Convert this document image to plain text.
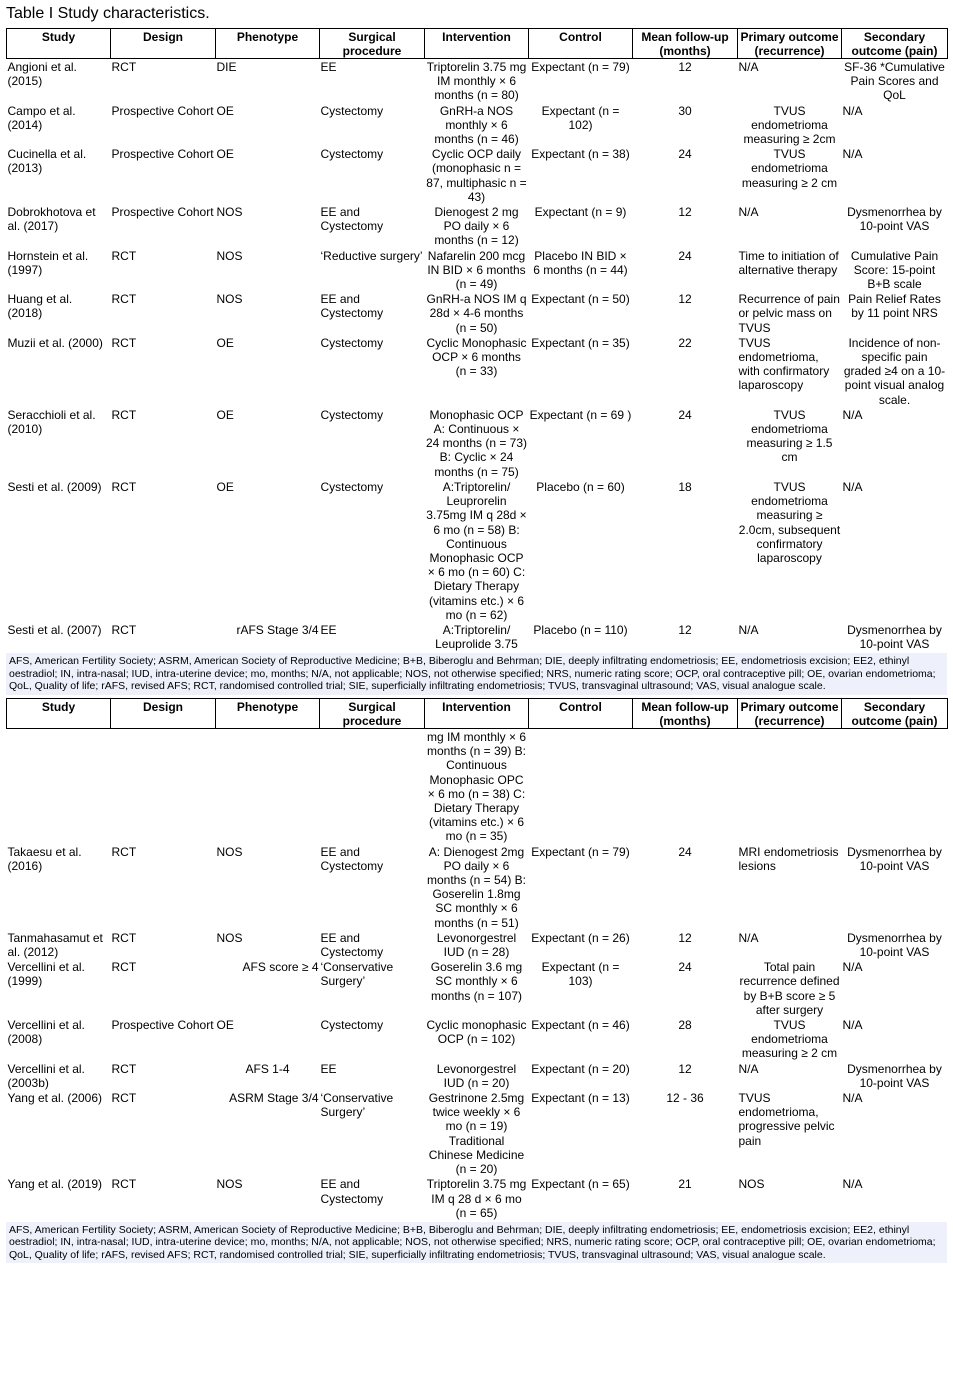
Table I Study characteristics.
Study	Design	Phenotype	Surgical procedure	Intervention	Control	Mean follow-up (months)	Primary outcome (recurrence)	Secondary outcome (pain)
Angioni et al. (2015)	RCT	DIE	EE	Triptorelin 3.75 mg IM monthly × 6 months (n = 80)	Expectant (n = 79)	12	N/A	SF-36 *Cumulative Pain Scores and QoL
Campo et al. (2014)	Prospective Cohort	OE	Cystectomy	GnRH-a NOS monthly × 6 months (n = 46)	Expectant (n = 102)	30	TVUS endometrioma measuring ≥ 2cm	N/A
Cucinella et al. (2013)	Prospective Cohort	OE	Cystectomy	Cyclic OCP daily (monophasic n = 87, multiphasic n = 43)	Expectant (n = 38)	24	TVUS endometrioma measuring ≥ 2 cm	N/A
Dobrokhotova et al. (2017)	Prospective Cohort	NOS	EE and Cystectomy	Dienogest 2 mg PO daily × 6 months (n = 12)	Expectant (n = 9)	12	N/A	Dysmenorrhea by 10-point VAS
Hornstein et al. (1997)	RCT	NOS	‘Reductive surgery’	Nafarelin 200 mcg IN BID × 6 months (n = 49)	Placebo IN BID × 6 months (n = 44)	24	Time to initiation of alternative therapy	Cumulative Pain Score: 15-point B+B scale
Huang et al. (2018)	RCT	NOS	EE and Cystectomy	GnRH-a NOS IM q 28d × 4-6 months (n = 50)	Expectant (n = 50)	12	Recurrence of pain or pelvic mass on TVUS	Pain Relief Rates by 11 point NRS
Muzii et al. (2000)	RCT	OE	Cystectomy	Cyclic Monophasic OCP × 6 months (n = 33)	Expectant (n = 35)	22	TVUS endometrioma, with confirmatory laparoscopy	Incidence of non-specific pain graded ≥4 on a 10-point visual analog scale.
Seracchioli et al. (2010)	RCT	OE	Cystectomy	Monophasic OCP A: Continuous × 24 months (n = 73) B: Cyclic × 24 months (n = 75)	Expectant (n = 69 )	24	TVUS endometrioma measuring ≥ 1.5 cm	N/A
Sesti et al. (2009)	RCT	OE	Cystectomy	A:Triptorelin/ Leuprorelin 3.75mg IM q 28d × 6 mo (n = 58) B: Continuous Monophasic OCP × 6 mo (n = 60) C: Dietary Therapy (vitamins etc.) × 6 mo (n = 62)	Placebo (n = 60)	18	TVUS endometrioma measuring ≥ 2.0cm, subsequent confirmatory laparoscopy	N/A
Sesti et al. (2007)	RCT	rAFS Stage 3/4	EE	A:Triptorelin/ Leuprolide 3.75	Placebo (n = 110)	12	N/A	Dysmenorrhea by 10-point VAS
AFS, American Fertility Society; ASRM, American Society of Reproductive Medicine; B+B, Biberoglu and Behrman; DIE, deeply infiltrating endometriosis; EE, endometriosis excision; EE2, ethinyl oestradiol; IN, intra-nasal; IUD, intra-uterine device; mo, months; N/A, not applicable; NOS, not otherwise specified; NRS, numeric rating score; OCP, oral contraceptive pill; OE, ovarian endometrioma; QoL, Quality of life; rAFS, revised AFS; RCT, randomised controlled trial; SIE, superficially infiltrating endometriosis; TVUS, transvaginal ultrasound; VAS, visual analogue scale.
Study	Design	Phenotype	Surgical procedure	Intervention	Control	Mean follow-up (months)	Primary outcome (recurrence)	Secondary outcome (pain)
				mg IM monthly × 6 months (n = 39) B: Continuous Monophasic OPC × 6 mo (n = 38) C: Dietary Therapy (vitamins etc.) × 6 mo (n = 35)				
Takaesu et al. (2016)	RCT	NOS	EE and Cystectomy	A: Dienogest 2mg PO daily × 6 months (n = 54) B: Goserelin 1.8mg SC monthly × 6 months (n = 51)	Expectant (n = 79)	24	MRI endometriosis lesions	Dysmenorrhea by 10-point VAS
Tanmahasamut et al. (2012)	RCT	NOS	EE and Cystectomy	Levonorgestrel IUD (n = 28)	Expectant (n = 26)	12	N/A	Dysmenorrhea by 10-point VAS
Vercellini et al. (1999)	RCT	AFS score ≥ 4	‘Conservative Surgery’	Goserelin 3.6 mg SC monthly × 6 months (n = 107)	Expectant (n = 103)	24	Total pain recurrence defined by B+B score ≥ 5 after surgery	N/A
Vercellini et al. (2008)	Prospective Cohort	OE	Cystectomy	Cyclic monophasic OCP (n = 102)	Expectant (n = 46)	28	TVUS endometrioma measuring ≥ 2 cm	N/A
Vercellini et al. (2003b)	RCT	AFS 1-4	EE	Levonorgestrel IUD (n = 20)	Expectant (n = 20)	12	N/A	Dysmenorrhea by 10-point VAS
Yang et al. (2006)	RCT	ASRM Stage 3/4	‘Conservative Surgery’	Gestrinone 2.5mg twice weekly × 6 mo (n = 19) Traditional Chinese Medicine (n = 20)	Expectant (n = 13)	12 - 36	TVUS endometrioma, progressive pelvic pain	N/A
Yang et al. (2019)	RCT	NOS	EE and Cystectomy	Triptorelin 3.75 mg IM q 28 d × 6 mo (n = 65)	Expectant (n = 65)	21	NOS	N/A
AFS, American Fertility Society; ASRM, American Society of Reproductive Medicine; B+B, Biberoglu and Behrman; DIE, deeply infiltrating endometriosis; EE, endometriosis excision; EE2, ethinyl oestradiol; IN, intra-nasal; IUD, intra-uterine device; mo, months; N/A, not applicable; NOS, not otherwise specified; NRS, numeric rating score; OCP, oral contraceptive pill; OE, ovarian endometrioma; QoL, Quality of life; rAFS, revised AFS; RCT, randomised controlled trial; SIE, superficially infiltrating endometriosis; TVUS, transvaginal ultrasound; VAS, visual analogue scale.
